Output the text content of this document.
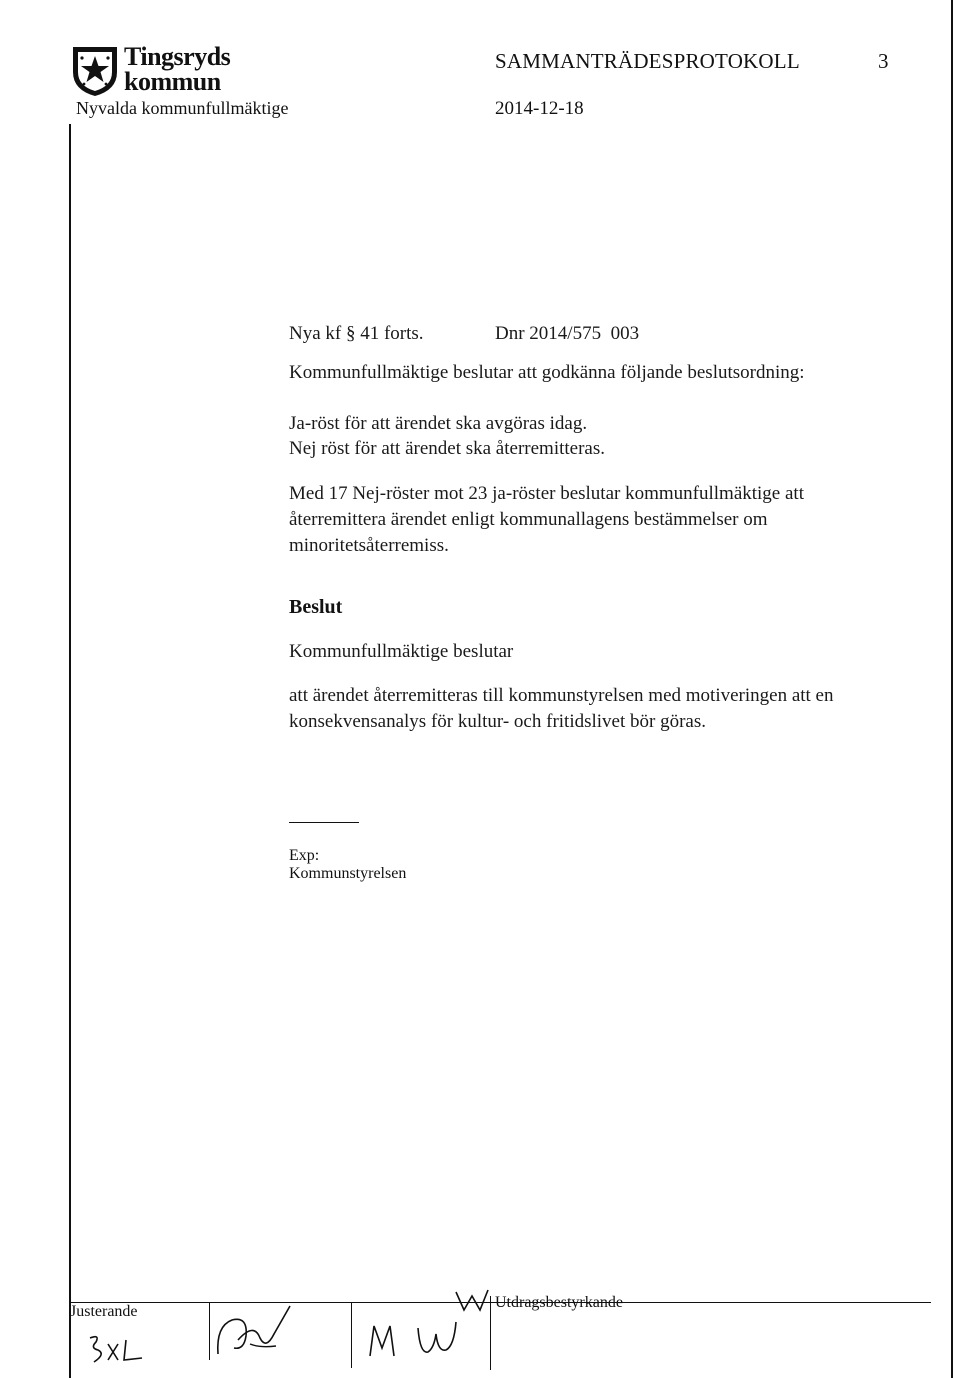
Tingsryds
kommun
Nyvalda kommunfullmäktige
SAMMANTRÄDESPROTOKOLL	3
2014-12-18
Nya kf § 41 forts.	Dnr 2014/575  003
Kommunfullmäktige beslutar att godkänna följande beslutsordning:
Ja-röst för att ärendet ska avgöras idag.
Nej röst för att ärendet ska återremitteras.
Med 17 Nej-röster mot 23 ja-röster beslutar kommunfullmäktige att återremittera ärendet enligt kommunallagens bestämmelser om minoritetsåterremiss.
Beslut
Kommunfullmäktige beslutar
att ärendet återremitteras till kommunstyrelsen med motiveringen att en konsekvensanalys för kultur- och fritidslivet bör göras.
Exp:
Kommunstyrelsen
Justerande
Utdragsbestyrkande
